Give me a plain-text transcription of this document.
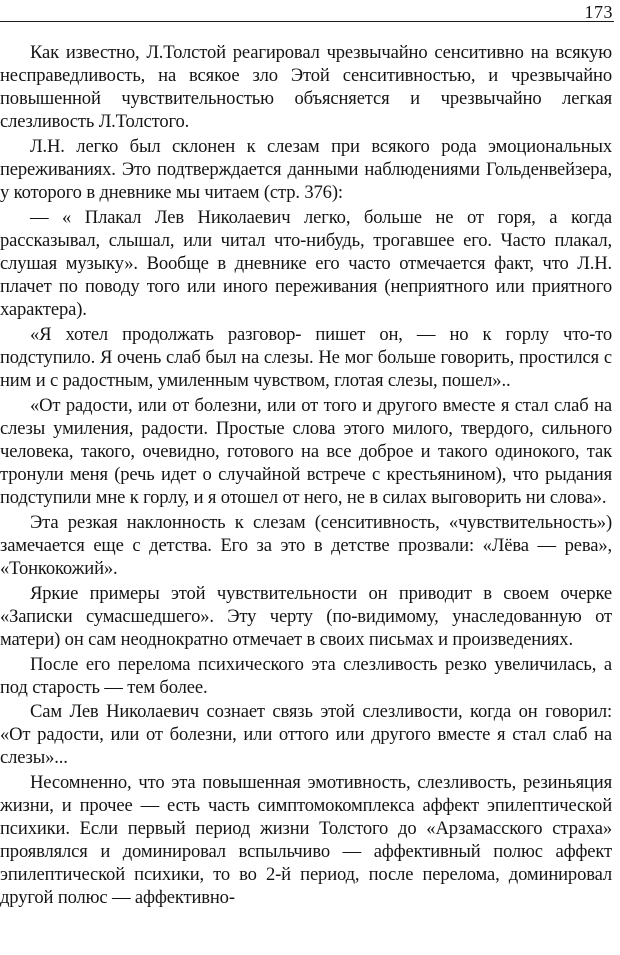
173

Как известно, Л.Толстой реагировал чрезвычайно сенситивно на всякую несправедливость, на всякое зло Этой сенситивностью, и чрезвычайно повышенной чувствительностью объясняется и чрезвычайно легкая слезливость Л.Толстого.

Л.Н. легко был склонен к слезам при всякого рода эмоциональных переживаниях. Это подтверждается данными наблюдениями Гольденвейзера, у которого в дневнике мы читаем (стр. 376):

— « Плакал Лев Николаевич легко, больше не от горя, а когда рассказывал, слышал, или читал что-нибудь, трогавшее его. Часто плакал, слушая музыку». Вообще в дневнике его часто отмечается факт, что Л.Н. плачет по поводу того или иного переживания (неприятного или приятного характера).

«Я хотел продолжать разговор- пишет он, — но к горлу что-то подступило. Я очень слаб был на слезы. Не мог больше говорить, простился с ним и с радостным, умиленным чувством, глотая слезы, пошел»..

«От радости, или от болезни, или от того и другого вместе я стал слаб на слезы умиления, радости. Простые слова этого милого, твердого, сильного человека, такого, очевидно, готового на все доброе и такого одинокого, так тронули меня (речь идет о случайной встрече с крестьянином), что рыдания подступили мне к горлу, и я отошел от него, не в силах выговорить ни слова».

Эта резкая наклонность к слезам (сенситивность, «чувствительность») замечается еще с детства. Его за это в детстве прозвали: «Лёва — рева», «Тонкокожий».

Яркие примеры этой чувствительности он приводит в своем очерке «Записки сумасшедшего». Эту черту (по-видимому, унаследованную от матери) он сам неоднократно отмечает в своих письмах и произведениях.

После его перелома психического эта слезливость резко увеличилась, а под старость — тем более.

Сам Лев Николаевич сознает связь этой слезливости, когда он говорил: «От радости, или от болезни, или оттого или другого вместе я стал слаб на слезы»...

Несомненно, что эта повышенная эмотивность, слезливость, резиньяция жизни, и прочее — есть часть симптомокомплекса аффект эпилептической психики. Если первый период жизни Толстого до «Арзамасского страха» проявлялся и доминировал вспыльчиво — аффективный полюс аффект эпилептической психики, то во 2-й период, после перелома, доминировал другой полюс — аффективно-
